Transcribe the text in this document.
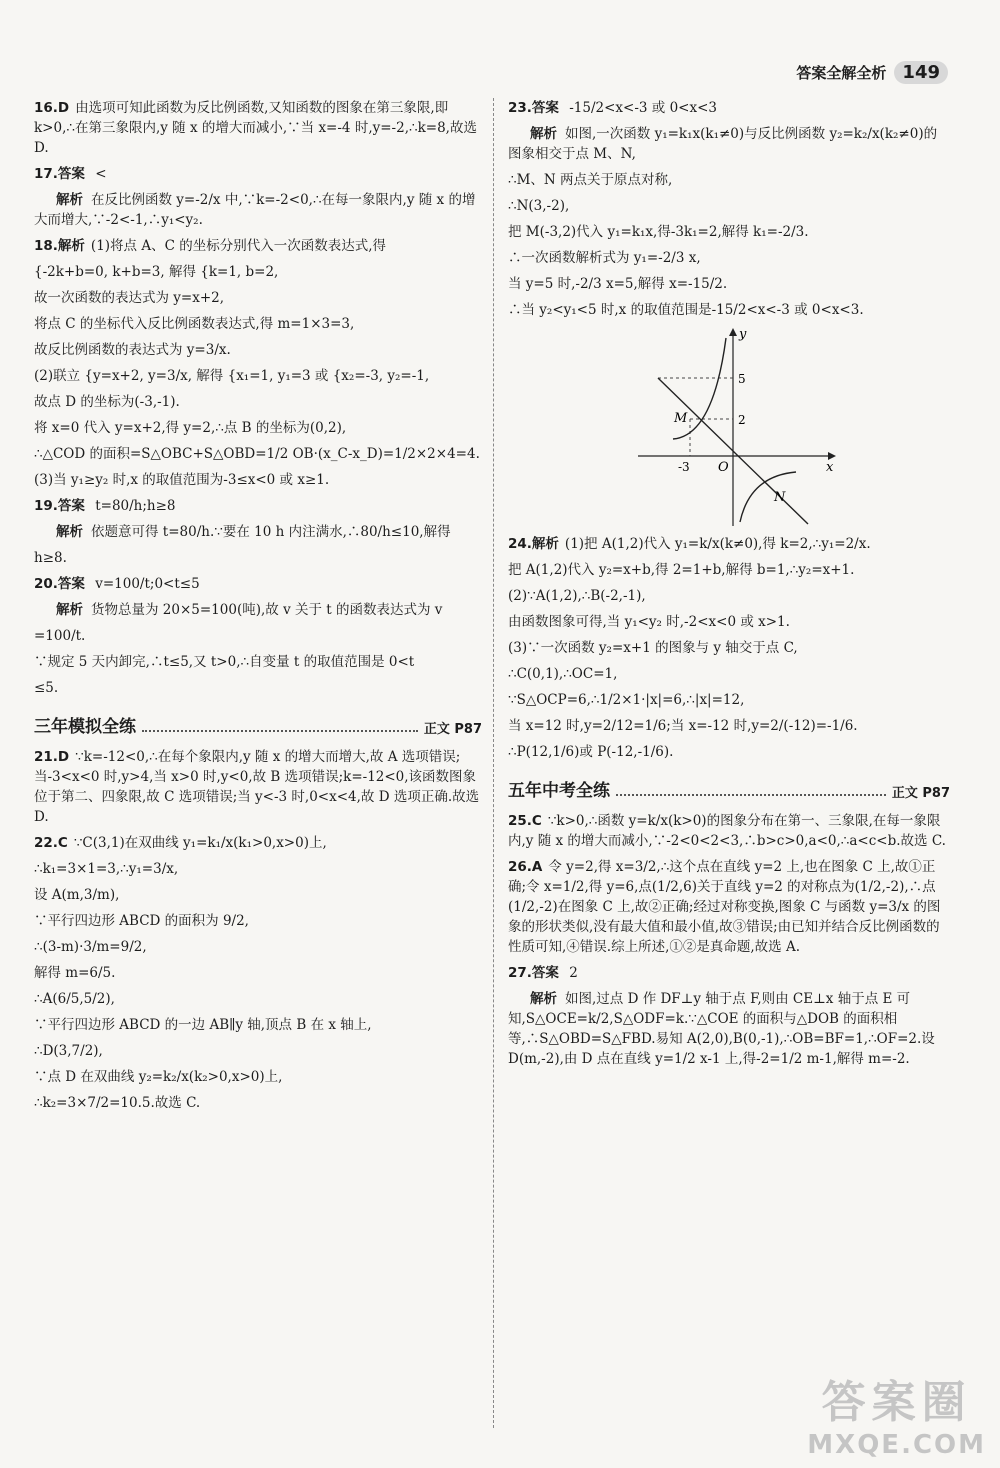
答案全解全析 149

16.D 由选项可知此函数为反比例函数,又知函数的图象在第三象限,即 k>0,∴在第三象限内,y 随 x 的增大而减小,∵当 x=-4 时,y=-2,∴k=8,故选 D.

17.答案 <

解析 在反比例函数 y=-2/x 中,∵k=-2<0,∴在每一象限内,y 随 x 的增大而增大,∵-2<-1,∴y₁<y₂.

18.解析 (1)将点 A、C 的坐标分别代入一次函数表达式,得

{-2k+b=0, k+b=3, 解得 {k=1, b=2,

故一次函数的表达式为 y=x+2,

将点 C 的坐标代入反比例函数表达式,得 m=1×3=3,

故反比例函数的表达式为 y=3/x.

(2)联立 {y=x+2, y=3/x, 解得 {x₁=1, y₁=3 或 {x₂=-3, y₂=-1,

故点 D 的坐标为(-3,-1).

将 x=0 代入 y=x+2,得 y=2,∴点 B 的坐标为(0,2),

∴△COD 的面积=S△OBC+S△OBD=1/2 OB·(x_C-x_D)=1/2×2×4=4.

(3)当 y₁≥y₂ 时,x 的取值范围为-3≤x<0 或 x≥1.

19.答案 t=80/h;h≥8

解析 依题意可得 t=80/h.∵要在 10 h 内注满水,∴80/h≤10,解得

h≥8.

20.答案 v=100/t;0<t≤5

解析 货物总量为 20×5=100(吨),故 v 关于 t 的函数表达式为 v

=100/t.

∵规定 5 天内卸完,∴t≤5,又 t>0,∴自变量 t 的取值范围是 0<t

≤5.

三年模拟全练	正文 P87

21.D ∵k=-12<0,∴在每个象限内,y 随 x 的增大而增大,故 A 选项错误;当-3<x<0 时,y>4,当 x>0 时,y<0,故 B 选项错误;k=-12<0,该函数图象位于第二、四象限,故 C 选项错误;当 y<-3 时,0<x<4,故 D 选项正确.故选 D.

22.C ∵C(3,1)在双曲线 y₁=k₁/x(k₁>0,x>0)上,

∴k₁=3×1=3,∴y₁=3/x,

设 A(m,3/m),

∵平行四边形 ABCD 的面积为 9/2,

∴(3-m)·3/m=9/2,

解得 m=6/5.

∴A(6/5,5/2),

∵平行四边形 ABCD 的一边 AB∥y 轴,顶点 B 在 x 轴上,

∴D(3,7/2),

∵点 D 在双曲线 y₂=k₂/x(k₂>0,x>0)上,

∴k₂=3×7/2=10.5.故选 C.

23.答案 -15/2<x<-3 或 0<x<3

解析 如图,一次函数 y₁=k₁x(k₁≠0)与反比例函数 y₂=k₂/x(k₂≠0)的图象相交于点 M、N,

∴M、N 两点关于原点对称,

∴N(3,-2),

把 M(-3,2)代入 y₁=k₁x,得-3k₁=2,解得 k₁=-2/3.

∴一次函数解析式为 y₁=-2/3 x,

当 y=5 时,-2/3 x=5,解得 x=-15/2.

∴当 y₂<y₁<5 时,x 的取值范围是-15/2<x<-3 或 0<x<3.

y
x
O
5
2
-3
M
N

24.解析 (1)把 A(1,2)代入 y₁=k/x(k≠0),得 k=2,∴y₁=2/x.

把 A(1,2)代入 y₂=x+b,得 2=1+b,解得 b=1,∴y₂=x+1.

(2)∵A(1,2),∴B(-2,-1),

由函数图象可得,当 y₁<y₂ 时,-2<x<0 或 x>1.

(3)∵一次函数 y₂=x+1 的图象与 y 轴交于点 C,

∴C(0,1),∴OC=1,

∵S△OCP=6,∴1/2×1·|x|=6,∴|x|=12,

当 x=12 时,y=2/12=1/6;当 x=-12 时,y=2/(-12)=-1/6.

∴P(12,1/6)或 P(-12,-1/6).

五年中考全练	正文 P87

25.C ∵k>0,∴函数 y=k/x(k>0)的图象分布在第一、三象限,在每一象限内,y 随 x 的增大而减小,∵-2<0<2<3,∴b>c>0,a<0,∴a<c<b.故选 C.

26.A 令 y=2,得 x=3/2,∴这个点在直线 y=2 上,也在图象 C 上,故①正确;令 x=1/2,得 y=6,点(1/2,6)关于直线 y=2 的对称点为(1/2,-2),∴点(1/2,-2)在图象 C 上,故②正确;经过对称变换,图象 C 与函数 y=3/x 的图象的形状类似,没有最大值和最小值,故③错误;由已知并结合反比例函数的性质可知,④错误.综上所述,①②是真命题,故选 A.

27.答案 2

解析 如图,过点 D 作 DF⊥y 轴于点 F,则由 CE⊥x 轴于点 E 可知,S△OCE=k/2,S△ODF=k.∵△COE 的面积与△DOB 的面积相等,∴S△OBD=S△FBD.易知 A(2,0),B(0,-1),∴OB=BF=1,∴OF=2.设 D(m,-2),由 D 点在直线 y=1/2 x-1 上,得-2=1/2 m-1,解得 m=-2.

答案圈
MXQE.COM
